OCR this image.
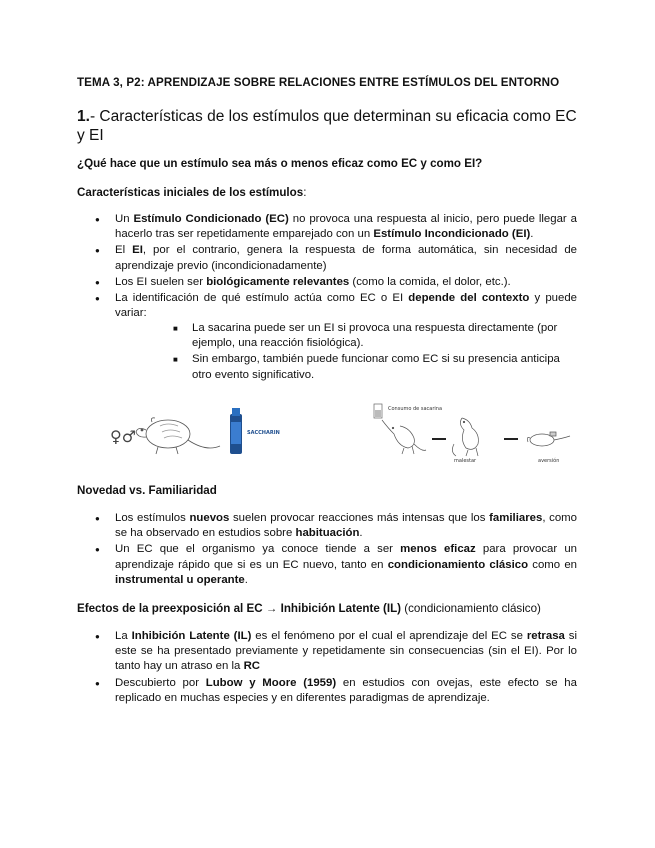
TEMA 3, P2: APRENDIZAJE SOBRE RELACIONES ENTRE ESTÍMULOS DEL ENTORNO
1.- Características de los estímulos que determinan su eficacia como EC y EI
¿Qué hace que un estímulo sea más o menos eficaz como EC y como EI?
Características iniciales de los estímulos:
● Un Estímulo Condicionado (EC) no provoca una respuesta al inicio, pero puede llegar a hacerlo tras ser repetidamente emparejado con un Estímulo Incondicionado (EI).
● El EI, por el contrario, genera la respuesta de forma automática, sin necesidad de aprendizaje previo (incondicionadamente)
● Los EI suelen ser biológicamente relevantes (como la comida, el dolor, etc.).
● La identificación de qué estímulo actúa como EC o EI depende del contexto y puede variar:
■ La sacarina puede ser un EI si provoca una respuesta directamente (por ejemplo, una reacción fisiológica).
■ Sin embargo, también puede funcionar como EC si su presencia anticipa otro evento significativo.
♀♂	SACCHARIN
Consumo de sacarina
malestar	aversión
Novedad vs. Familiaridad
● Los estímulos nuevos suelen provocar reacciones más intensas que los familiares, como se ha observado en estudios sobre habituación.
● Un EC que el organismo ya conoce tiende a ser menos eficaz para provocar un aprendizaje rápido que si es un EC nuevo, tanto en condicionamiento clásico como en instrumental u operante.
Efectos de la preexposición al EC → Inhibición Latente (IL) (condicionamiento clásico)
● La Inhibición Latente (IL) es el fenómeno por el cual el aprendizaje del EC se retrasa si este se ha presentado previamente y repetidamente sin consecuencias (sin el EI). Por lo tanto hay un atraso en la RC
● Descubierto por Lubow y Moore (1959) en estudios con ovejas, este efecto se ha replicado en muchas especies y en diferentes paradigmas de aprendizaje.
